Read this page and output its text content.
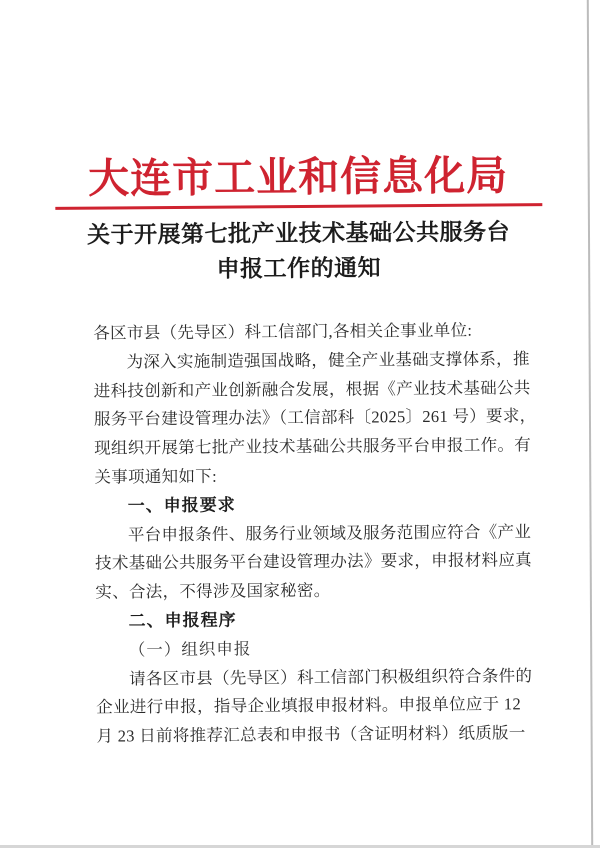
大连市工业和信息化局
关于开展第七批产业技术基础公共服务台
申报工作的通知
各区市县（先导区）科工信部门,各相关企事业单位:
为深入实施制造强国战略，健全产业基础支撑体系，推
进科技创新和产业创新融合发展，根据《产业技术基础公共
服务平台建设管理办法》（工信部科〔2025〕261 号）要求，
现组织开展第七批产业技术基础公共服务平台申报工作。有
关事项通知如下:
一、申报要求
平台申报条件、服务行业领域及服务范围应符合《产业
技术基础公共服务平台建设管理办法》要求，申报材料应真
实、合法，不得涉及国家秘密。
二、申报程序
（一）组织申报
请各区市县（先导区）科工信部门积极组织符合条件的
企业进行申报，指导企业填报申报材料。申报单位应于 12
月 23 日前将推荐汇总表和申报书（含证明材料）纸质版一
